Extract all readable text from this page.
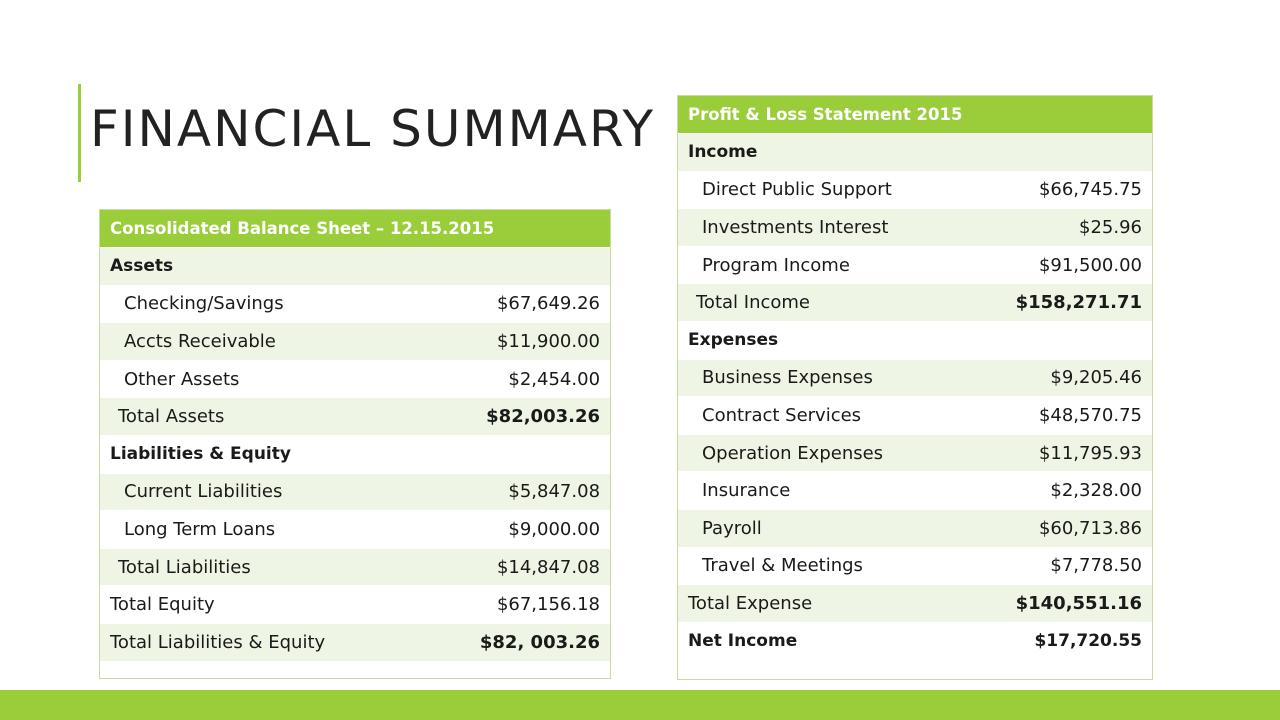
FINANCIAL SUMMARY
Consolidated Balance Sheet – 12.15.2015	
Assets	
Checking/Savings	$67,649.26
Accts Receivable	$11,900.00
Other Assets	$2,454.00
Total Assets	$82,003.26
Liabilities & Equity	
Current Liabilities	$5,847.08
Long Term Loans	$9,000.00
Total Liabilities	$14,847.08
Total Equity	$67,156.18
Total Liabilities & Equity	$82, 003.26
Profit & Loss Statement 2015	
Income	
Direct Public Support	$66,745.75
Investments Interest	$25.96
Program Income	$91,500.00
Total Income	$158,271.71
Expenses	
Business Expenses	$9,205.46
Contract Services	$48,570.75
Operation Expenses	$11,795.93
Insurance	$2,328.00
Payroll	$60,713.86
Travel & Meetings	$7,778.50
Total Expense	$140,551.16
Net Income	$17,720.55
